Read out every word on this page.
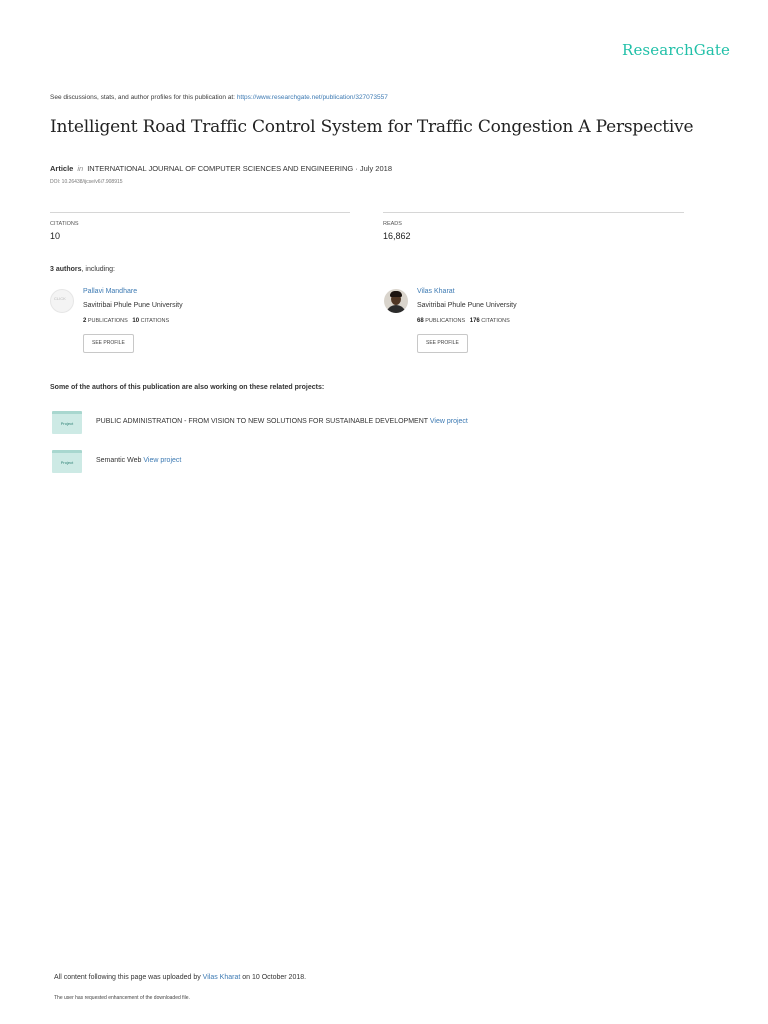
ResearchGate
See discussions, stats, and author profiles for this publication at: https://www.researchgate.net/publication/327073557
Intelligent Road Traffic Control System for Traffic Congestion A Perspective
Article in INTERNATIONAL JOURNAL OF COMPUTER SCIENCES AND ENGINEERING · July 2018
DOI: 10.26438/ijcse/v6i7.908915
CITATIONS
10
READS
16,862
3 authors, including:
CLICK
Pallavi Mandhare
Savitribai Phule Pune University
2 PUBLICATIONS 10 CITATIONS
SEE PROFILE
Vilas Kharat
Savitribai Phule Pune University
68 PUBLICATIONS 176 CITATIONS
SEE PROFILE
Some of the authors of this publication are also working on these related projects:
Project	PUBLIC ADMINISTRATION - FROM VISION TO NEW SOLUTIONS FOR SUSTAINABLE DEVELOPMENT View project
Project	Semantic Web View project
All content following this page was uploaded by Vilas Kharat on 10 October 2018.
The user has requested enhancement of the downloaded file.
